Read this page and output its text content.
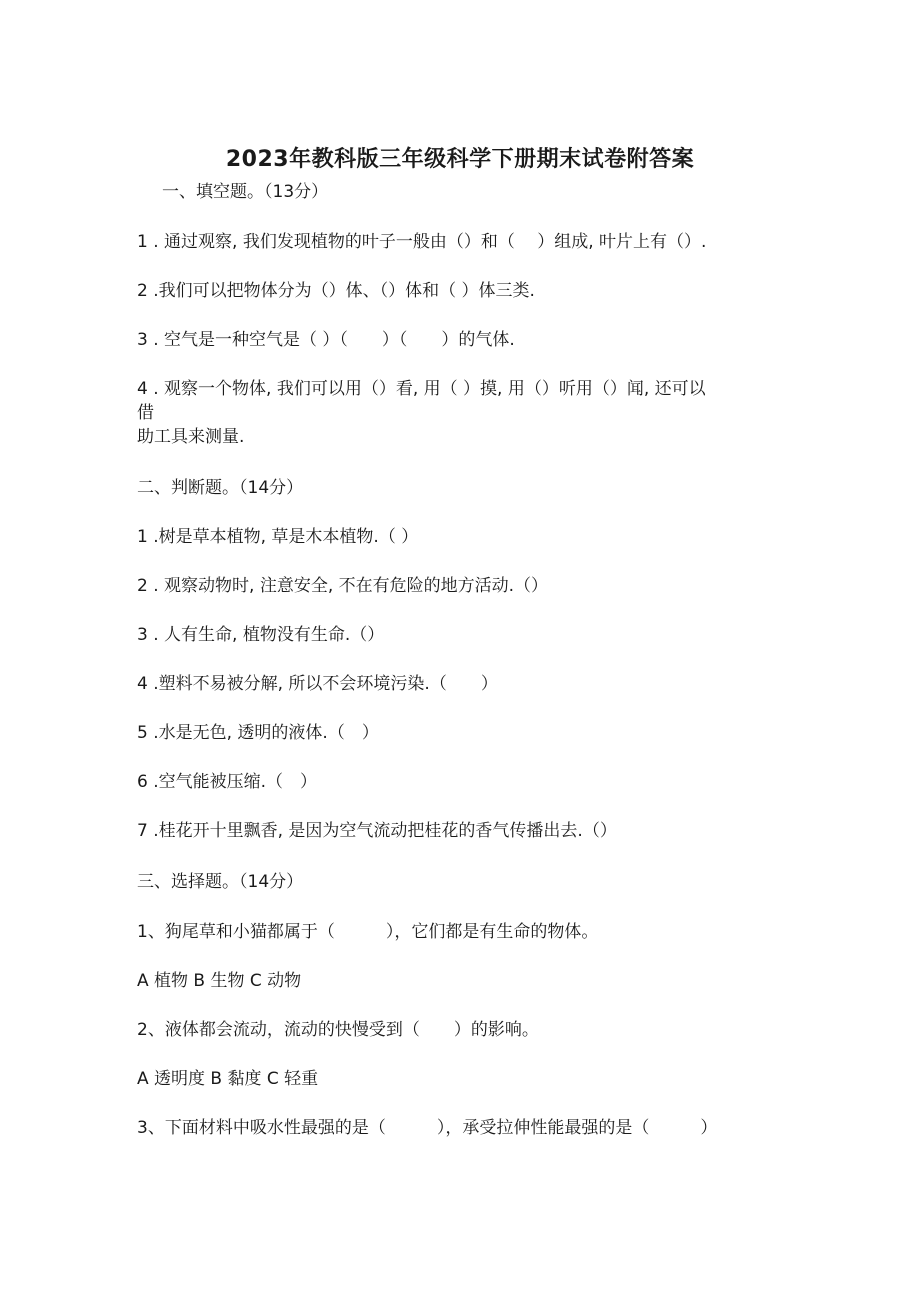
2023年教科版三年级科学下册期末试卷附答案
一、填空题。（13分）
1 . 通过观察, 我们发现植物的叶子一般由（）和（　 ）组成, 叶片上有（）.
2 .我们可以把物体分为（）体、（）体和（ ）体三类.
3 . 空气是一种空气是（ ）（　　）（　　）的气体.
4 . 观察一个物体, 我们可以用（）看, 用（ ）摸, 用（）听用（）闻, 还可以
借
助工具来测量.
二、判断题。（14分）
1 .树是草本植物, 草是木本植物.（ ）
2 . 观察动物时, 注意安全, 不在有危险的地方活动.（）
3 . 人有生命, 植物没有生命.（）
4 .塑料不易被分解, 所以不会环境污染.（　　）
5 .水是无色, 透明的液体.（　）
6 .空气能被压缩.（　）
7 .桂花开十里飘香, 是因为空气流动把桂花的香气传播出去.（）
三、选择题。（14分）
1、狗尾草和小猫都属于（　　　），它们都是有生命的物体。
A 植物 B 生物 C 动物
2、液体都会流动，流动的快慢受到（　　）的影响。
A 透明度 B 黏度 C 轻重
3、下面材料中吸水性最强的是（　　　），承受拉伸性能最强的是（　　　）
